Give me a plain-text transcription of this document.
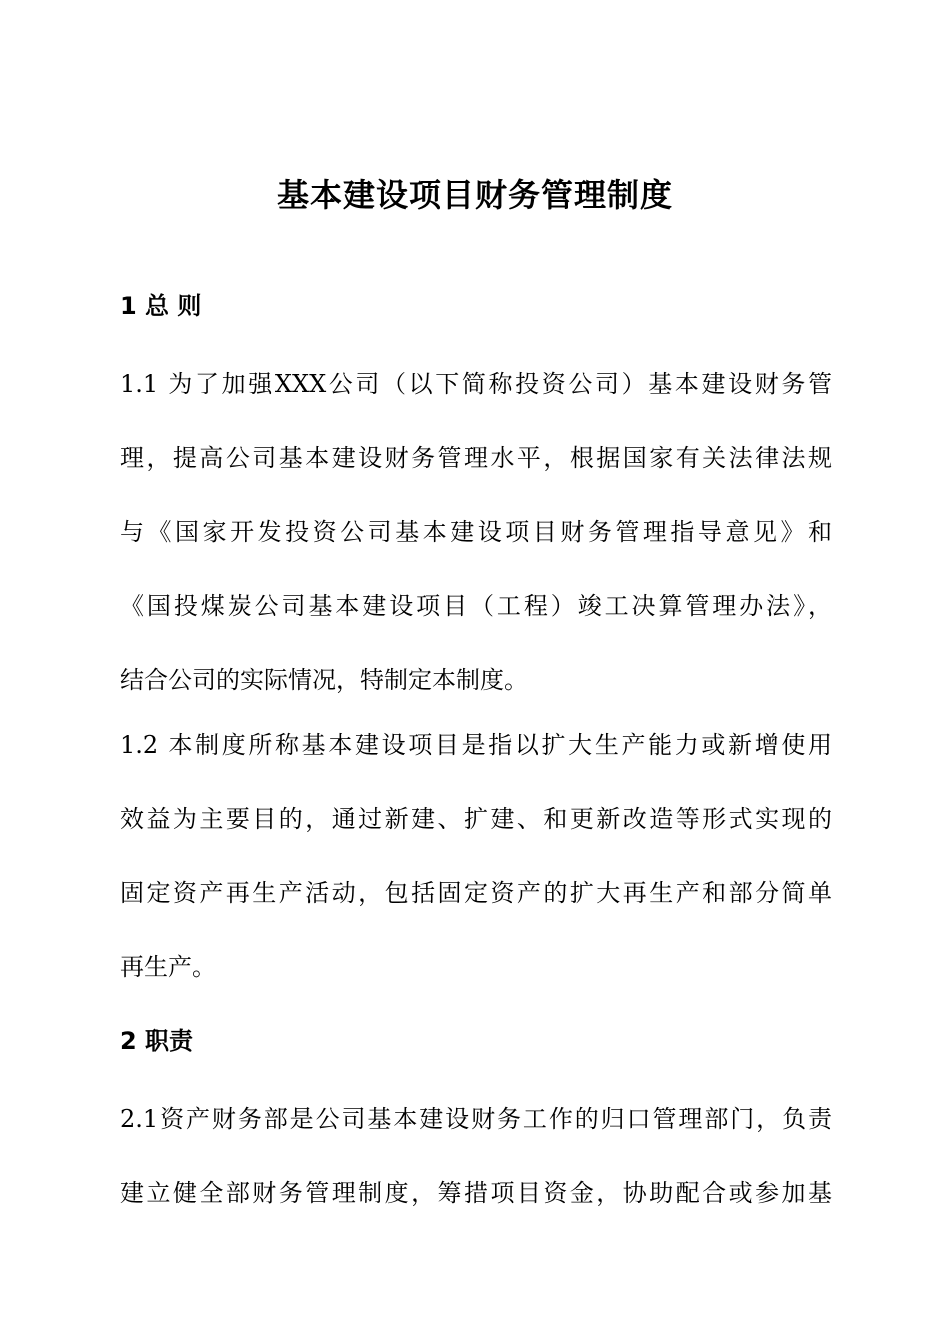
基本建设项目财务管理制度
1 总 则
1.1 为了加强XXX公司（以下简称投资公司）基本建设财务管
理，提高公司基本建设财务管理水平，根据国家有关法律法规
与《国家开发投资公司基本建设项目财务管理指导意见》和
《国投煤炭公司基本建设项目（工程）竣工决算管理办法》，
结合公司的实际情况，特制定本制度。
1.2 本制度所称基本建设项目是指以扩大生产能力或新增使用
效益为主要目的，通过新建、扩建、和更新改造等形式实现的
固定资产再生产活动，包括固定资产的扩大再生产和部分简单
再生产。
2 职责
2.1资产财务部是公司基本建设财务工作的归口管理部门，负责
建立健全部财务管理制度，筹措项目资金，协助配合或参加基
